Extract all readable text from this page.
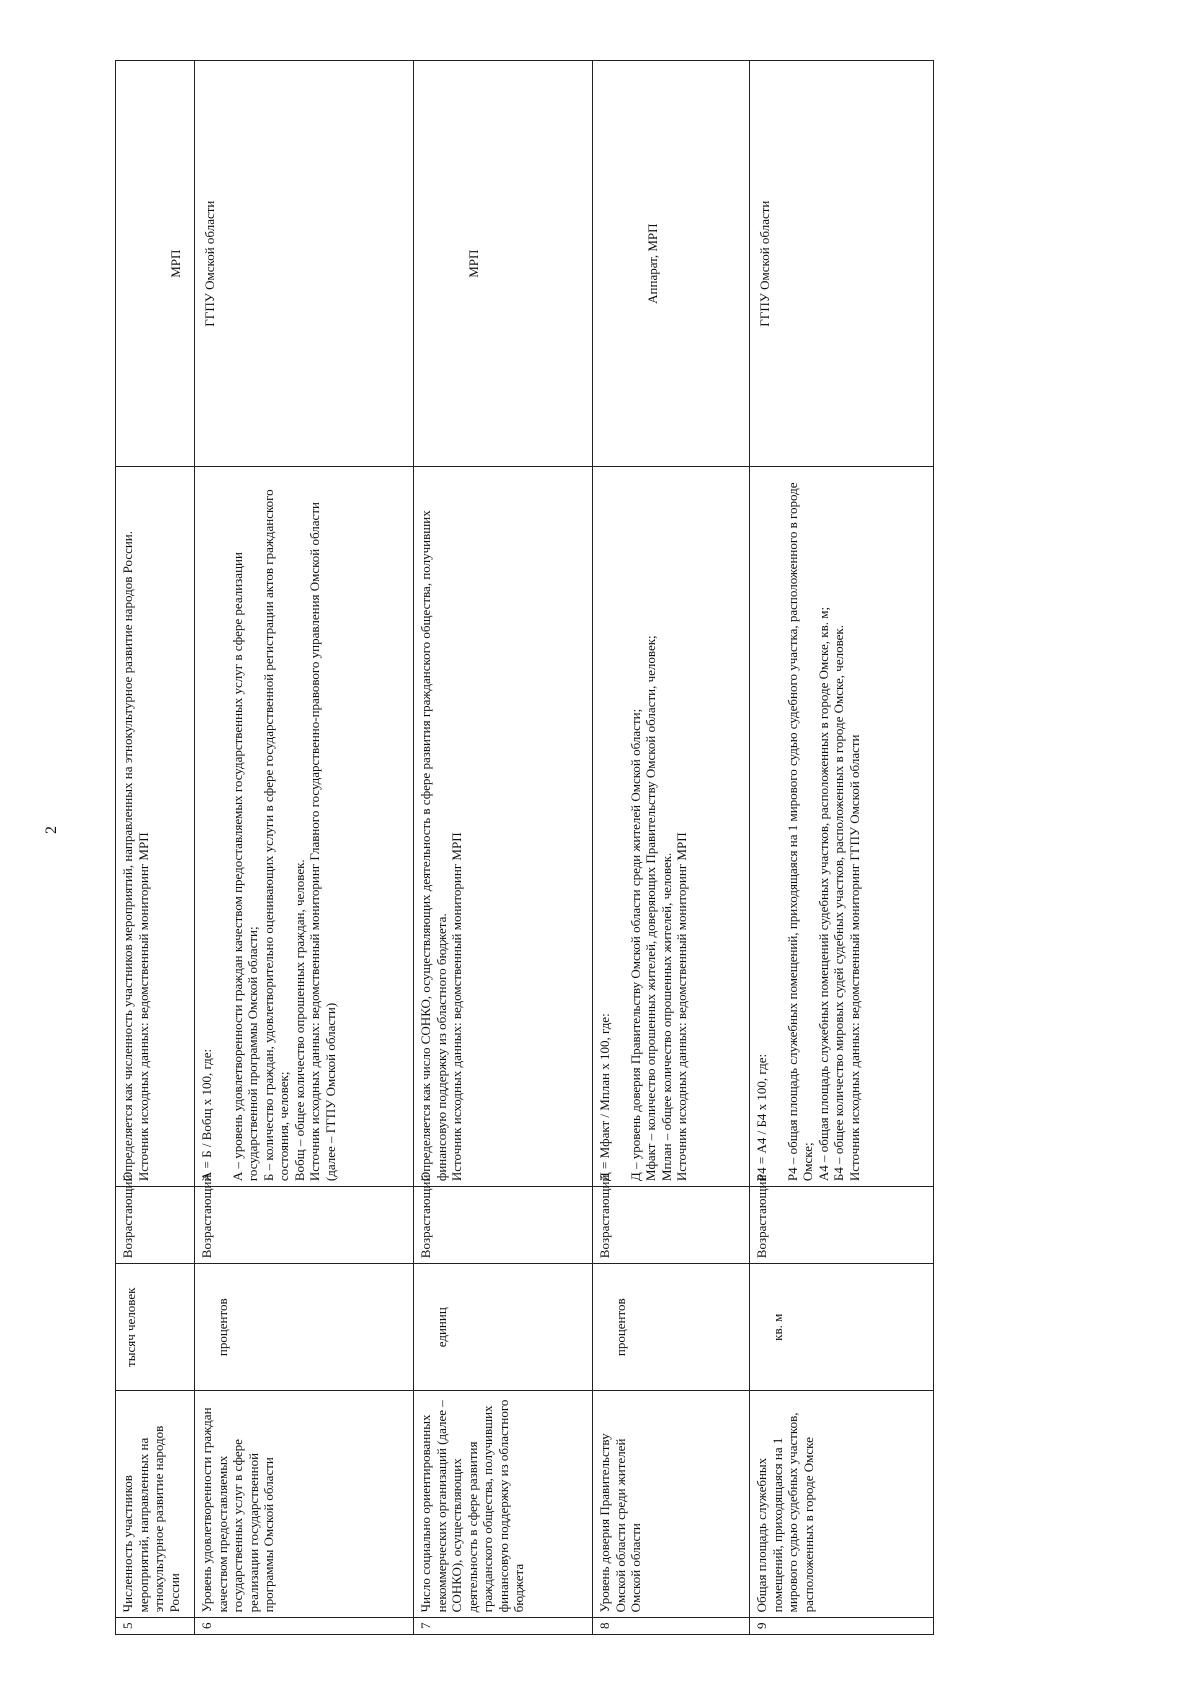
2
5	Численность участников мероприятий, направленных на этнокультурное развитие народов России	тысяч человек	Возрастающий	Определяется как численность участников мероприятий, направленных на этнокультурное развитие народов России. Источник исходных данных: ведомственный мониторинг МРП	МРП

6	Уровень удовлетворенности граждан качеством предоставляемых государственных услуг в сфере реализации государственной программы Омской области	процентов	Возрастающий	А = Б / Вобщ x 100, где: А – уровень удовлетворенности граждан качеством предоставляемых государственных услуг в сфере реализации государственной программы Омской области; Б – количество граждан, удовлетворительно оценивающих услуги в сфере государственной регистрации актов гражданского состояния, человек; Вобщ – общее количество опрошенных граждан, человек. Источник исходных данных: ведомственный мониторинг Главного государственно-правового управления Омской области (далее – ГГПУ Омской области)	ГГПУ Омской области

7	Число социально ориентированных некоммерческих организаций (далее – СОНКО), осуществляющих деятельность в сфере развития гражданского общества, получивших финансовую поддержку из областного бюджета	единиц	Возрастающий	Определяется как число СОНКО, осуществляющих деятельность в сфере развития гражданского общества, получивших финансовую поддержку из областного бюджета. Источник исходных данных: ведомственный мониторинг МРП	МРП

8	Уровень доверия Правительству Омской области среди жителей Омской области	процентов	Возрастающий	Д = Мфакт / Мплан x 100, где: Д – уровень доверия Правительству Омской области среди жителей Омской области; Мфакт – количество опрошенных жителей, доверяющих Правительству Омской области, человек; Мплан – общее количество опрошенных жителей, человек. Источник исходных данных: ведомственный мониторинг МРП	Аппарат, МРП

9	Общая площадь служебных помещений, приходящаяся на 1 мирового судью судебных участков, расположенных в городе Омске	кв. м	Возрастающий	Р4 = А4 / Б4 x 100, где: Р4 – общая площадь служебных помещений, приходящаяся на 1 мирового судью судебного участка, расположенного в городе Омске; А4 – общая площадь служебных помещений судебных участков, расположенных в городе Омске, кв. м; Б4 – общее количество мировых судей судебных участков, расположенных в городе Омске, человек. Источник исходных данных: ведомственный мониторинг ГГПУ Омской области	ГГПУ Омской области
